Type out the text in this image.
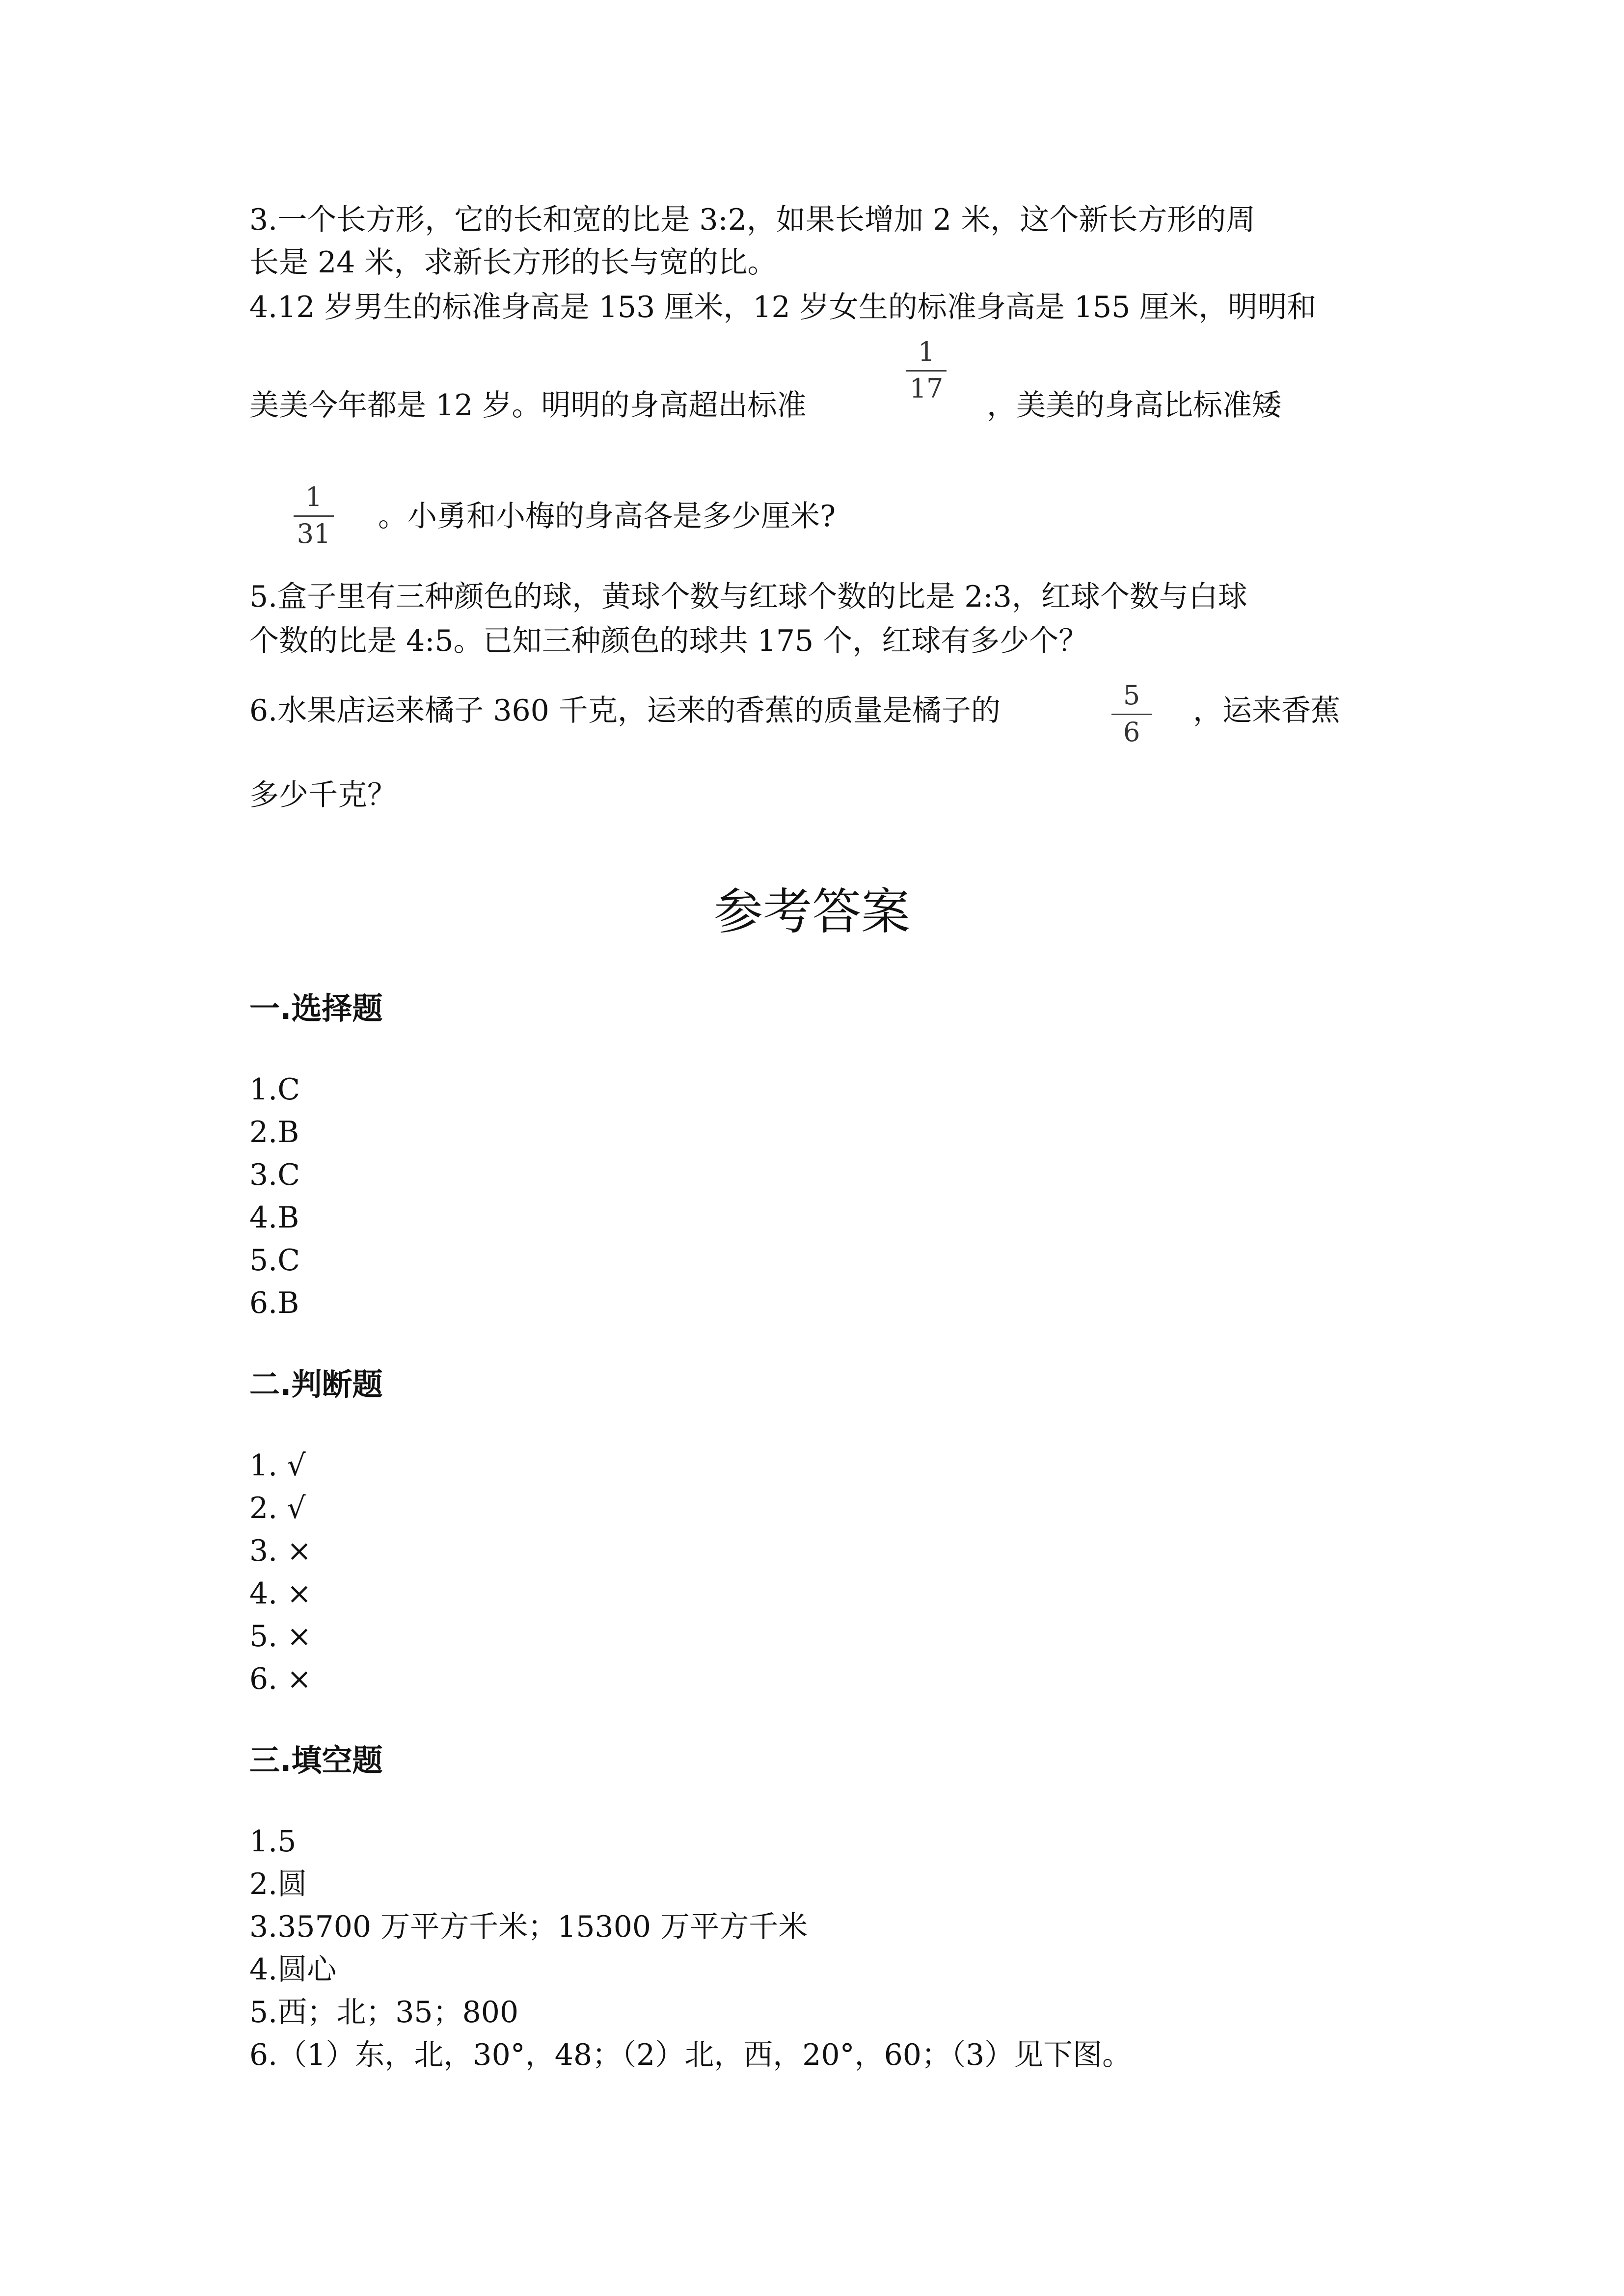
3.一个长方形，它的长和宽的比是 3:2，如果长增加 2 米，这个新长方形的周
长是 24 米，求新长方形的长与宽的比。
4.12 岁男生的标准身高是 153 厘米，12 岁女生的标准身高是 155 厘米，明明和
美美今年都是 12 岁。明明的身高超出标准
1
17	，美美的身高比标准矮
1
31
。小勇和小梅的身高各是多少厘米?
5.盒子里有三种颜色的球，黄球个数与红球个数的比是 2:3，红球个数与白球
个数的比是 4:5。已知三种颜色的球共 175 个，红球有多少个？
6.水果店运来橘子 360 千克，运来的香蕉的质量是橘子的	5
6
，运来香蕉
多少千克？
参考答案
一.选择题
1.C
2.B
3.C
4.B
5.C
6.B
二.判断题
1. √
2. √
3. ×
4. ×
5. ×
6. ×
三.填空题
1.5
2.圆
3.35700 万平方千米；15300 万平方千米
4.圆心
5.西；北；35；800
6.（1）东，北，30°，48；（2）北，西，20°，60；（3）见下图。
